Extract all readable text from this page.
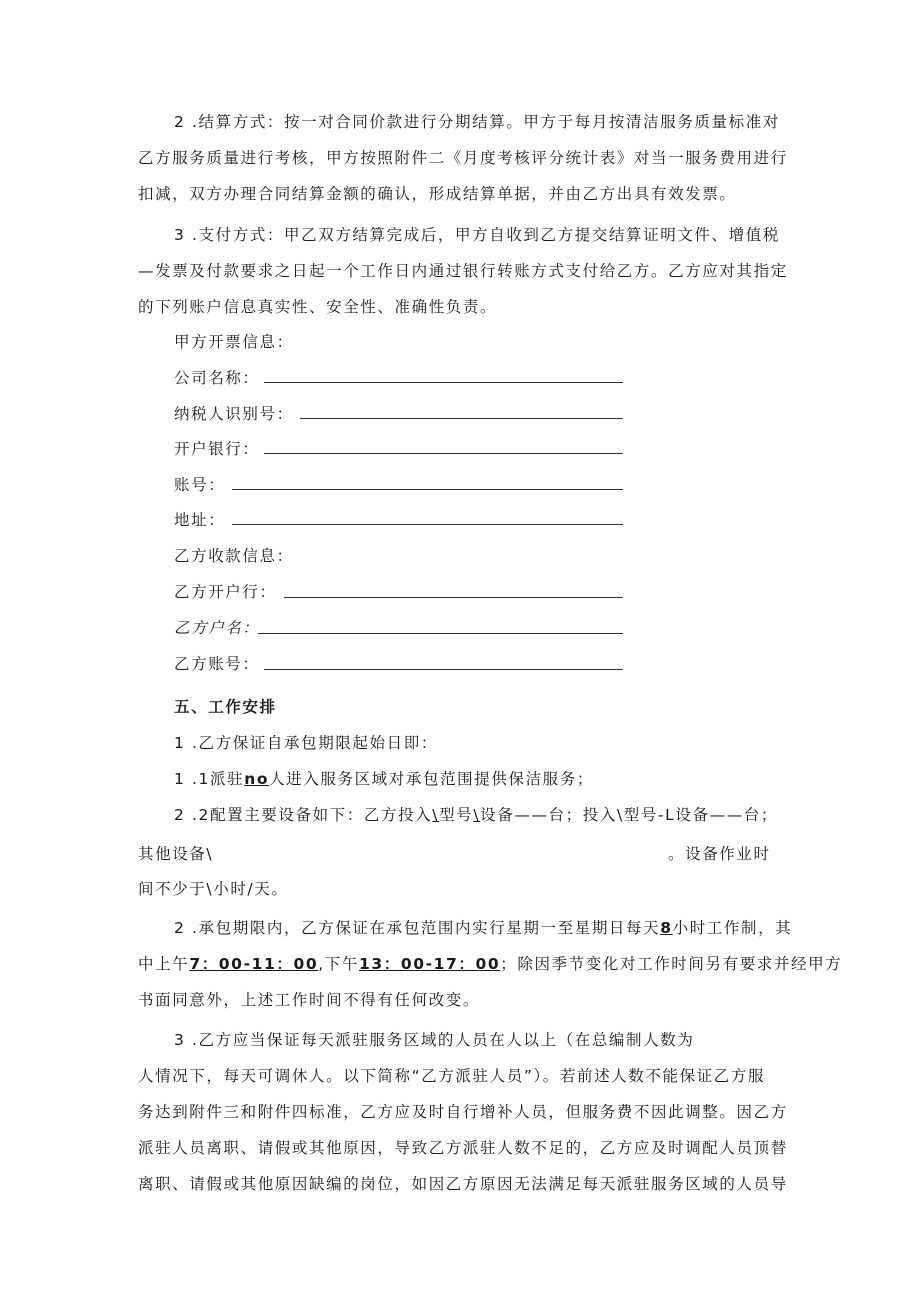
2 .结算方式：按一对合同价款进行分期结算。甲方于每月按清洁服务质量标准对
乙方服务质量进行考核，甲方按照附件二《月度考核评分统计表》对当一服务费用进行
扣减，双方办理合同结算金额的确认，形成结算单据，并由乙方出具有效发票。
3 .支付方式：甲乙双方结算完成后，甲方自收到乙方提交结算证明文件、增值税
—发票及付款要求之日起一个工作日内通过银行转账方式支付给乙方。乙方应对其指定
的下列账户信息真实性、安全性、准确性负责。
甲方开票信息：
公司名称：
纳税人识别号：
开户银行：
账号：
地址：
乙方收款信息：
乙方开户行：
乙方户名：
乙方账号：
五、工作安排
1 .乙方保证自承包期限起始日即：
1 .1派驻no人进入服务区域对承包范围提供保洁服务；
2 .2配置主要设备如下：乙方投入\型号\设备——台；投入\型号-L设备——台；
其他设备\	。设备作业时
间不少于\小时/天。
2 .承包期限内，乙方保证在承包范围内实行星期一至星期日每天8小时工作制，其
中上午7：00-11：00,下午13：00-17：00；除因季节变化对工作时间另有要求并经甲方
书面同意外，上述工作时间不得有任何改变。
3 .乙方应当保证每天派驻服务区域的人员在人以上（在总编制人数为
人情况下，每天可调休人。以下简称“乙方派驻人员”）。若前述人数不能保证乙方服
务达到附件三和附件四标准，乙方应及时自行增补人员，但服务费不因此调整。因乙方
派驻人员离职、请假或其他原因，导致乙方派驻人数不足的，乙方应及时调配人员顶替
离职、请假或其他原因缺编的岗位，如因乙方原因无法满足每天派驻服务区域的人员导
